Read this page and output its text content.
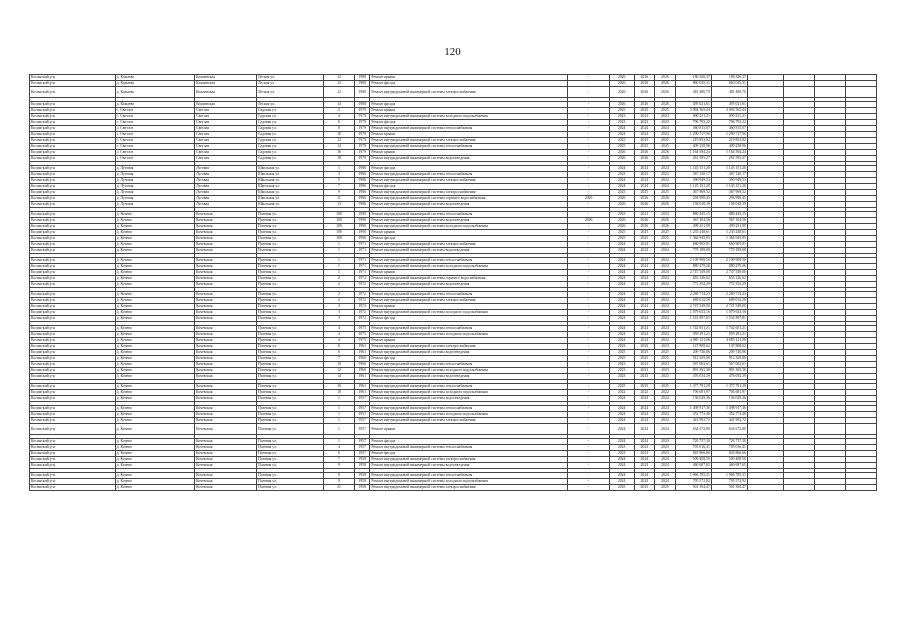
120
Косинский р-н	д. Кожаево	Кожаевская	Лесная ул.	12	1988	Ремонт крыши	-	2026	2026	2026	186 326,37	186 326,37				
Косинский р-н	д. Кожаево	Кожаевская	Лесная ул.	12	1988	Ремонт фасада	-	2026	2026	2026	860 045,31	860 045,31				
Косинский р-н	д. Кожаево	Кожаевская	Лесная ул.	12	1988	Ремонт внутридомовой инженерной системы электроснабжения	-	2026	2026	2026	481 480,70	481 480,70				

Косинский р-н	д. Кожаево	Кожаевская	Лесная ул.	14	1988	Ремонт фасада	-	2026	2026	2026	495 021,61	495 021,61				
Косинский р-н	с. Светлое	Светлая	Садовая ул.	2	1979	Ремонт крыши	-	2025	2025	2025	3 094 565,44	3 094 565,44				
Косинский р-н	с. Светлое	Светлая	Садовая ул.	4	1979	Ремонт внутридомовой инженерной системы холодного водоснабжения	-	2023	2023	2023	690 231,21	690 231,21				
Косинский р-н	с. Светлое	Светлая	Садовая ул.	6	1979	Ремонт фасада	-	2023	2023	2023	796 793,22	796 793,22				
Косинский р-н	с. Светлое	Светлая	Садовая ул.	8	1979	Ремонт внутридомовой инженерной системы теплоснабжения	-	2024	2024	2024	460 815,07	460 815,07				
Косинский р-н	с. Светлое	Светлая	Садовая ул.	10	1979	Ремонт крыши	-	2024	2024	2024	1 290 717,90	1 290 717,90				
Косинский р-н	с. Светлое	Светлая	Садовая ул.	12	1979	Ремонт внутридомовой инженерной системы электроснабжения	-	2025	2025	2025	219 853,82	219 853,82				
Косинский р-н	с. Светлое	Светлая	Садовая ул.	14	1979	Ремонт внутридомовой инженерной системы теплоснабжения	-	2025	2025	2025	409 238,96	409 238,96				
Косинский р-н	с. Светлое	Светлая	Садовая ул.	16	1979	Ремонт крыши	-	2026	2026	2026	1 164 394,24	1 164 394,24				
Косинский р-н	с. Светлое	Светлая	Садовая ул.	18	1979	Ремонт внутридомовой инженерной системы водоотведения	-	2026	2026	2026	261 595,27	261 595,27				

Косинский р-н	д. Луговая	Луговая	Школьная ул.	1	1986	Ремонт фасада	-	2024	2024	2024	1 145 151,20	1 145 151,20				
Косинский р-н	д. Луговая	Луговая	Школьная ул.	3	1986	Ремонт внутридомовой инженерной системы теплоснабжения	-	2023	2023	2023	367 120,17	367 120,17				
Косинский р-н	д. Луговая	Луговая	Школьная ул.	5	1986	Ремонт внутридомовой инженерной системы электроснабжения	-	2024	2024	2024	396 949,53	396 949,53				
Косинский р-н	д. Луговая	Луговая	Школьная ул.	7	1986	Ремонт фасада	-	2024	2024	2024	1 145 151,20	1 145 151,20				
Косинский р-н	д. Луговая	Луговая	Школьная ул.	9	1986	Ремонт внутридомовой инженерной системы электроснабжения	-	2025	2025	2025	367 969,52	367 969,52				
Косинский р-н	д. Луговая	Луговая	Школьная ул.	11	1986	Ремонт внутридомовой инженерной системы горячего водоснабжения	2026	2026	2026	2026	294 998,45	294 998,45				
Косинский р-н	д. Луговая	Луговая	Школьная ул.	13	1986	Ремонт внутридомовой инженерной системы водоотведения	-	2026	2026	2026	158 018,39	158 018,39				

Косинский р-н	д. Кочево	Кочевская	Полевая ул.	100	1990	Ремонт внутридомовой инженерной системы теплоснабжения	-	2023	2023	2023	880 445,15	880 445,15				
Косинский р-н	д. Кочево	Кочевская	Полевая ул.	100	1990	Ремонт внутридомовой инженерной системы водоотведения	2026	2026	2026	2026	367 104,56	367 104,56				
Косинский р-н	д. Кочево	Кочевская	Полевая ул.	100	1990	Ремонт внутридомовой инженерной системы холодного водоснабжения	-	2026	2026	2026	499 231,99	499 231,99				
Косинский р-н	д. Кочево	Кочевская	Полевая ул.	100	1990	Ремонт крыши	-	2025	2025	2025	1 235 248,61	1 235 248,61				
Косинский р-н	д. Кочево	Кочевская	Полевая ул.	100	1990	Ремонт фасада	-	2025	2025	2025	1 364 945,85	1 364 945,85				
Косинский р-н	д. Кочево	Кочевская	Полевая ул.	1	1971	Ремонт внутридомовой инженерной системы электроснабжения	-	2024	2024	2024	660 905,81	660 905,81				
Косинский р-н	д. Кочево	Кочевская	Полевая ул.	1	1971	Ремонт внутридомовой инженерной системы водоотведения	-	2024	2024	2024	779 189,68	779 189,68				

Косинский р-н	д. Кочево	Кочевская	Полевая ул.	1	1971	Ремонт внутридомовой инженерной системы теплоснабжения	-	2024	2024	2024	2 109 908,50	2 109 908,50				
Косинский р-н	д. Кочево	Кочевская	Полевая ул.	1	1971	Ремонт внутридомовой инженерной системы холодного водоснабжения	-	2024	2024	2024	880 279,26	880 279,26				
Косинский р-н	д. Кочево	Кочевская	Полевая ул.	1	1971	Ремонт крыши	-	2024	2024	2024	2 747 549,00	2 747 549,00				
Косинский р-н	д. Кочево	Кочевская	Полевая ул.	2	1972	Ремонт внутридомовой инженерной системы горячего водоснабжения	-	2024	2024	2024	653 126,62	653 126,62				
Косинский р-н	д. Кочево	Кочевская	Полевая ул.	2	1972	Ремонт внутридомовой инженерной системы водоотведения	-	2024	2024	2024	772 352,29	772 352,29				

Косинский р-н	д. Кочево	Кочевская	Полевая ул.	2	1972	Ремонт внутридомовой инженерной системы теплоснабжения	-	2024	2024	2024	2 269 714,23	2 269 714,23				
Косинский р-н	д. Кочево	Кочевская	Полевая ул.	2	1972	Ремонт внутридомовой инженерной системы электроснабжения	-	2024	2024	2024	689 012,58	689 012,58				
Косинский р-н	д. Кочево	Кочевская	Полевая ул.	3	1972	Ремонт крыши	-	2024	2024	2024	2 747 549,00	2 747 549,00				
Косинский р-н	д. Кочево	Кочевская	Полевая ул.	3	1972	Ремонт внутридомовой инженерной системы холодного водоснабжения	-	2024	2024	2024	1 079 633,16	1 079 633,16				
Косинский р-н	д. Кочево	Кочевская	Полевая ул.	3	1972	Ремонт фасада	-	2024	2024	2024	1 531 897,81	1 531 897,81				

Косинский р-н	д. Кочево	Кочевская	Полевая ул.	4	1975	Ремонт внутридомовой инженерной системы теплоснабжения	-	2024	2024	2024	1 742 651,21	1 742 651,21				
Косинский р-н	д. Кочево	Кочевская	Полевая ул.	4	1975	Ремонт внутридомовой инженерной системы холодного водоснабжения	-	2024	2024	2024	959 291,21	959 291,21				
Косинский р-н	д. Кочево	Кочевская	Полевая ул.	4	1975	Ремонт крыши	-	2024	2024	2024	4 085 121,08	4 085 121,08				
Косинский р-н	д. Кочево	Кочевская	Полевая ул.	6	1961	Ремонт внутридомовой инженерной системы электроснабжения	-	2023	2023	2023	147 808,62	147 808,62				
Косинский р-н	д. Кочево	Кочевская	Полевая ул.	6	1961	Ремонт внутридомовой инженерной системы водоотведения	-	2025	2025	2025	209 740,86	209 740,86				
Косинский р-н	д. Кочево	Кочевская	Полевая ул.	7	1960	Ремонт фасада	-	2025	2025	2025	912 329,80	912 329,80				
Косинский р-н	д. Кочево	Кочевская	Полевая ул.	10	1960	Ремонт внутридомовой инженерной системы теплоснабжения	-	2023	2023	2023	567 063,61	567 063,61				
Косинский р-н	д. Кочево	Кочевская	Полевая ул.	12	1960	Ремонт внутридомовой инженерной системы холодного водоснабжения	-	2023	2023	2023	891 365,36	891 365,36				
Косинский р-н	д. Кочево	Кочевская	Полевая ул.	14	1961	Ремонт внутридомовой инженерной системы водоотведения	-	2023	2023	2023	476 034,39	476 034,39				

Косинский р-н	д. Кочево	Кочевская	Полевая ул.	16	1961	Ремонт внутридомовой инженерной системы теплоснабжения	-	2025	2025	2025	1 377 791,29	1 377 791,29				
Косинский р-н	д. Кочево	Кочевская	Полевая ул.	18	1961	Ремонт внутридомовой инженерной системы холодного водоснабжения	-	2022	2022	2022	706 681,97	706 681,97				
Косинский р-н	д. Кочево	Кочевская	Полевая ул.	1	1957	Ремонт внутридомовой инженерной системы водоотведения	-	2024	2024	2024	136 029,36	136 029,36				

Косинский р-н	д. Кочево	Кочевская	Полевая ул.	1	1957	Ремонт внутридомовой инженерной системы теплоснабжения	-	2024	2024	2024	1 498 917,36	1 498 917,36				
Косинский р-н	д. Кочево	Кочевская	Полевая ул.	1	1957	Ремонт внутридомовой инженерной системы холодного водоснабжения	-	2024	2024	2024	352 773,48	352 773,48				
Косинский р-н	д. Кочево	Кочевская	Полевая ул.	1	1957	Ремонт внутридомовой инженерной системы электроснабжения	-	2024	2024	2024	441 992,72	441 992,72				
Косинский р-н	д. Кочево	Кочевская	Полевая ул.	1	1957	Ремонт крыши	-	2024	2024	2024	634 672,80	634 672,80				

Косинский р-н	д. Кочево	Кочевская	Полевая ул.	1	1957	Ремонт фасада	-	2024	2024	2024	726 737,30	726 737,30				
Косинский р-н	д. Кочево	Кочевская	Полевая ул.	4	1957	Ремонт внутридомовой инженерной системы теплоснабжения	-	2023	2023	2023	705 016,41	705 016,41				
Косинский р-н	д. Кочево	Кочевская	Полевая ул.	6	1957	Ремонт фасада	-	2023	2023	2023	845 866,66	845 866,66				
Косинский р-н	д. Кочево	Кочевская	Полевая ул.	7	1958	Ремонт внутридомовой инженерной системы электроснабжения	-	2024	2024	2024	509 408,50	509 408,50				
Косинский р-н	д. Кочево	Кочевская	Полевая ул.	9	1958	Ремонт внутридомовой инженерной системы водоотведения	-	2024	2024	2024	460 687,65	460 687,65				

Косинский р-н	д. Кочево	Кочевская	Полевая ул.	9	1958	Ремонт внутридомовой инженерной системы теплоснабжения	-	2024	2024	2024	1 966 785,31	1 966 785,31				
Косинский р-н	д. Кочево	Кочевская	Полевая ул.	9	1958	Ремонт внутридомовой инженерной системы холодного водоснабжения	-	2024	2024	2024	795 572,92	795 572,92				
Косинский р-н	д. Кочево	Кочевская	Полевая ул.	21	1958	Ремонт внутридомовой инженерной системы электроснабжения	-	2025	2025	2025	501 394,47	501 394,47				
